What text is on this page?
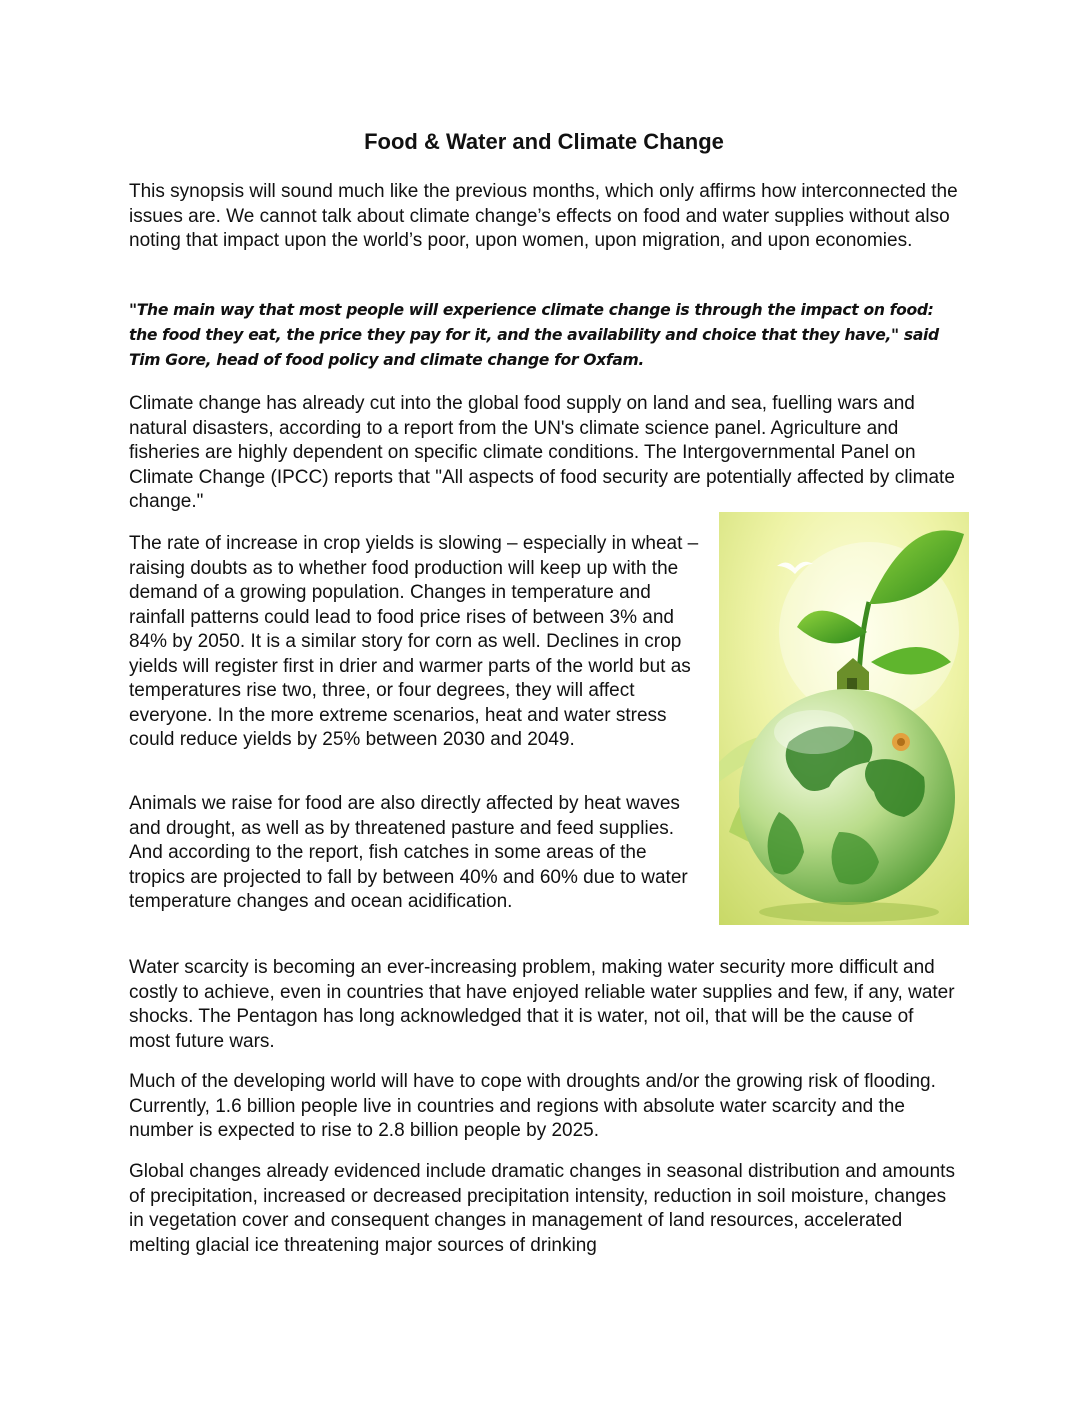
Food & Water and Climate Change

This synopsis will sound much like the previous months, which only affirms how interconnected the issues are. We cannot talk about climate change’s effects on food and water supplies without also noting that impact upon the world’s poor, upon women, upon migration, and upon economies.

"The main way that most people will experience climate change is through the impact on food: the food they eat, the price they pay for it, and the availability and choice that they have," said Tim Gore, head of food policy and climate change for Oxfam.

Climate change has already cut into the global food supply on land and sea, fuelling wars and natural disasters, according to a report from the UN's climate science panel. Agriculture and fisheries are highly dependent on specific climate conditions. The Intergovernmental Panel on Climate Change (IPCC) reports that "All aspects of food security are potentially affected by climate change."

The rate of increase in crop yields is slowing – especially in wheat – raising doubts as to whether food production will keep up with the demand of a growing population. Changes in temperature and rainfall patterns could lead to food price rises of between 3% and 84% by 2050. It is a similar story for corn as well. Declines in crop yields will register first in drier and warmer parts of the world but as temperatures rise two, three, or four degrees, they will affect everyone. In the more extreme scenarios, heat and water stress could reduce yields by 25% between 2030 and 2049.

Animals we raise for food are also directly affected by heat waves and drought, as well as by threatened pasture and feed supplies. And according to the report, fish catches in some areas of the tropics are projected to fall by between 40% and 60% due to water temperature changes and ocean acidification.

Water scarcity is becoming an ever-increasing problem, making water security more difficult and costly to achieve, even in countries that have enjoyed reliable water supplies and few, if any, water shocks. The Pentagon has long acknowledged that it is water, not oil, that will be the cause of most future wars.

Much of the developing world will have to cope with droughts and/or the growing risk of flooding. Currently, 1.6 billion people live in countries and regions with absolute water scarcity and the number is expected to rise to 2.8 billion people by 2025.

Global changes already evidenced include dramatic changes in seasonal distribution and amounts of precipitation, increased or decreased precipitation intensity, reduction in soil moisture, changes in vegetation cover and consequent changes in management of land resources, accelerated melting glacial ice threatening major sources of drinking
